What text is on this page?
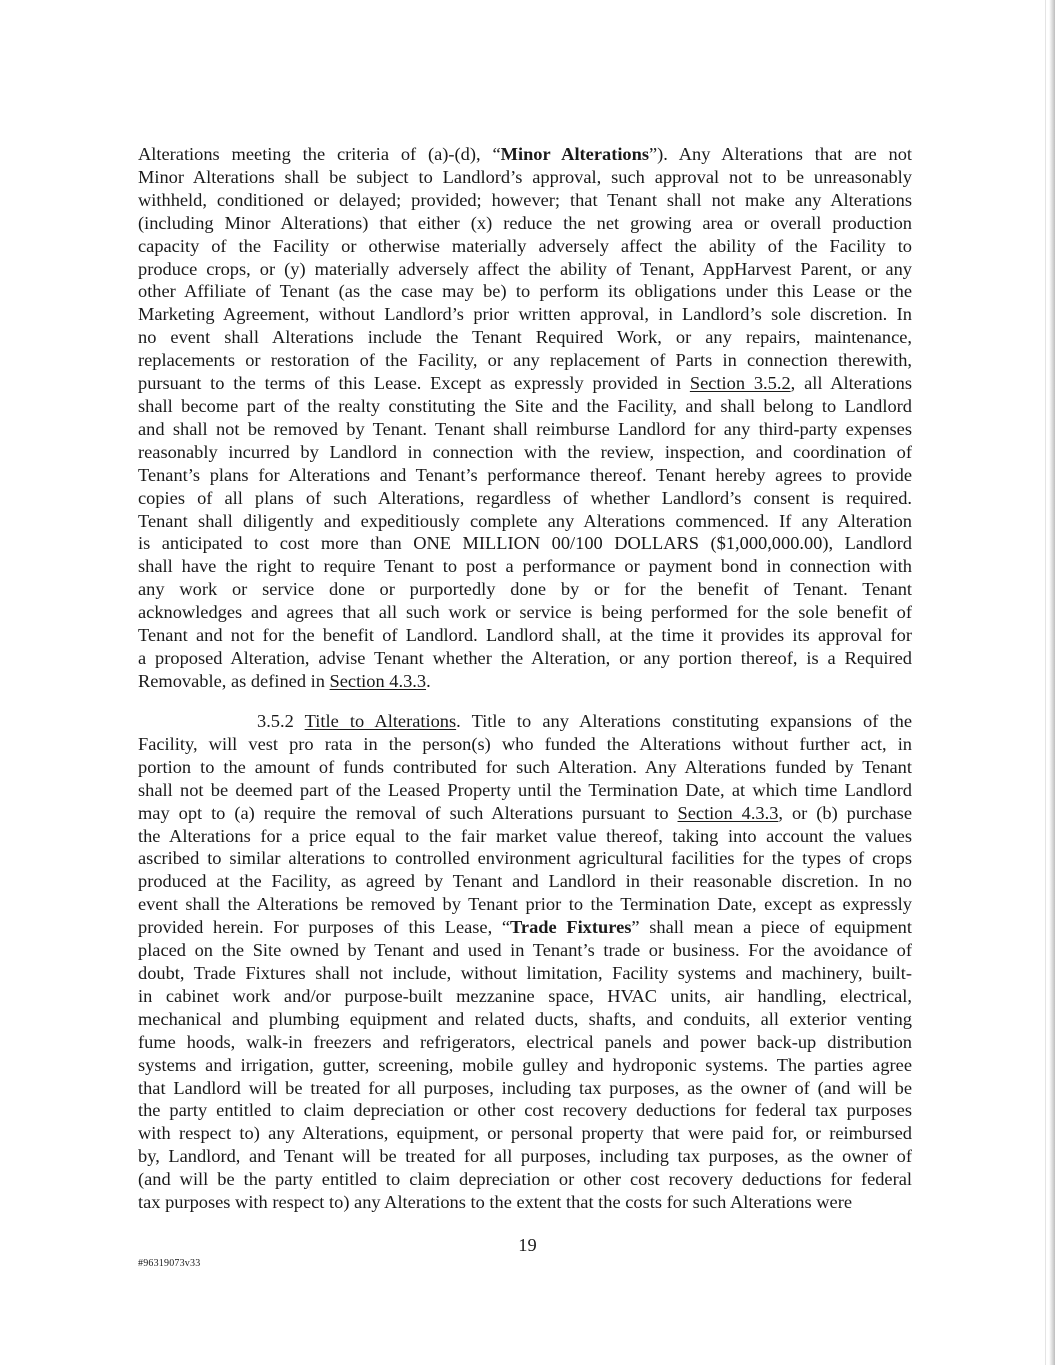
Alterations meeting the criteria of (a)-(d), “Minor Alterations”). Any Alterations that are not
Minor Alterations shall be subject to Landlord’s approval, such approval not to be unreasonably
withheld, conditioned or delayed; provided; however; that Tenant shall not make any Alterations
(including Minor Alterations) that either (x) reduce the net growing area or overall production
capacity of the Facility or otherwise materially adversely affect the ability of the Facility to
produce crops, or (y) materially adversely affect the ability of Tenant, AppHarvest Parent, or any
other Affiliate of Tenant (as the case may be) to perform its obligations under this Lease or the
Marketing Agreement, without Landlord’s prior written approval, in Landlord’s sole discretion. In
no event shall Alterations include the Tenant Required Work, or any repairs, maintenance,
replacements or restoration of the Facility, or any replacement of Parts in connection therewith,
pursuant to the terms of this Lease. Except as expressly provided in Section 3.5.2, all Alterations
shall become part of the realty constituting the Site and the Facility, and shall belong to Landlord
and shall not be removed by Tenant. Tenant shall reimburse Landlord for any third-party expenses
reasonably incurred by Landlord in connection with the review, inspection, and coordination of
Tenant’s plans for Alterations and Tenant’s performance thereof. Tenant hereby agrees to provide
copies of all plans of such Alterations, regardless of whether Landlord’s consent is required.
Tenant shall diligently and expeditiously complete any Alterations commenced. If any Alteration
is anticipated to cost more than ONE MILLION 00/100 DOLLARS ($1,000,000.00), Landlord
shall have the right to require Tenant to post a performance or payment bond in connection with
any work or service done or purportedly done by or for the benefit of Tenant. Tenant
acknowledges and agrees that all such work or service is being performed for the sole benefit of
Tenant and not for the benefit of Landlord. Landlord shall, at the time it provides its approval for
a proposed Alteration, advise Tenant whether the Alteration, or any portion thereof, is a Required
Removable, as defined in Section 4.3.3.
3.5.2 Title to Alterations. Title to any Alterations constituting expansions of the
Facility, will vest pro rata in the person(s) who funded the Alterations without further act, in
portion to the amount of funds contributed for such Alteration. Any Alterations funded by Tenant
shall not be deemed part of the Leased Property until the Termination Date, at which time Landlord
may opt to (a) require the removal of such Alterations pursuant to Section 4.3.3, or (b) purchase
the Alterations for a price equal to the fair market value thereof, taking into account the values
ascribed to similar alterations to controlled environment agricultural facilities for the types of crops
produced at the Facility, as agreed by Tenant and Landlord in their reasonable discretion. In no
event shall the Alterations be removed by Tenant prior to the Termination Date, except as expressly
provided herein. For purposes of this Lease, “Trade Fixtures” shall mean a piece of equipment
placed on the Site owned by Tenant and used in Tenant’s trade or business. For the avoidance of
doubt, Trade Fixtures shall not include, without limitation, Facility systems and machinery, built-
in cabinet work and/or purpose-built mezzanine space, HVAC units, air handling, electrical,
mechanical and plumbing equipment and related ducts, shafts, and conduits, all exterior venting
fume hoods, walk-in freezers and refrigerators, electrical panels and power back-up distribution
systems and irrigation, gutter, screening, mobile gulley and hydroponic systems. The parties agree
that Landlord will be treated for all purposes, including tax purposes, as the owner of (and will be
the party entitled to claim depreciation or other cost recovery deductions for federal tax purposes
with respect to) any Alterations, equipment, or personal property that were paid for, or reimbursed
by, Landlord, and Tenant will be treated for all purposes, including tax purposes, as the owner of
(and will be the party entitled to claim depreciation or other cost recovery deductions for federal
tax purposes with respect to) any Alterations to the extent that the costs for such Alterations were
19
#96319073v33
